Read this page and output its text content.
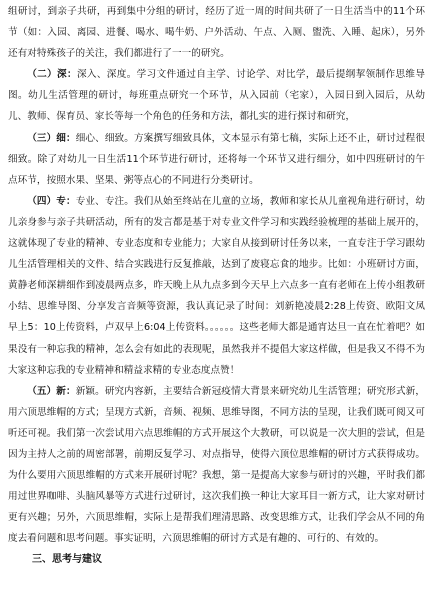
组研讨，到亲子共研，再到集中分组的研讨，经历了近一周的时间共研了一日生活当中的11个环节（如：入园、离园、进餐、喝水、喝牛奶、户外活动、午点、入厕、盥洗、入睡、起床），另外还有对特殊孩子的关注，我们都进行了一一的研究。

（二）深：深入、深度。学习文件通过自主学、讨论学、对比学，最后提纲挈领制作思维导图。幼儿生活管理的研讨，每班重点研究一个环节，从入园前（宅家），入园日到入园后，从幼儿、教师、保育员、家长等每一个角色的任务和方法，都扎实的进行探讨和研究，

（三）细：细心、细致。方案撰写细致具体，文本显示有第七稿，实际上还不止，研讨过程很细致。除了对幼儿一日生活11个环节进行研讨，还将每一个环节又进行细分，如中四班研讨的午点环节，按照水果、坚果、粥等点心的不同进行分类研讨。

（四）专：专业、专注。我们从始至终站在儿童的立场，教师和家长从儿童视角进行研讨，幼儿亲身参与亲子共研活动，所有的发言都是基于对专业文件学习和实践经验梳理的基础上展开的，这就体现了专业的精神、专业态度和专业能力；大家自从接到研讨任务以来，一直专注于学习跟幼儿生活管理相关的文件、结合实践进行反复推敲，达到了废寝忘食的地步。比如：小班研讨方面，黄静老师深耕细作到凌晨两点多，昨天晚上从九点多到今天早上六点多一直有老师在上传小组教研小结、思维导图、分享发言音频等资源，我认真记录了时间：刘新艳凌晨2:28上传资、欧阳文凤早上5：10上传资料，卢双早上6:04上传资料。。。。。。这些老师大都是通宵达旦一直在忙着吧？如果没有一种忘我的精神，怎么会有如此的表现呢，虽然我并不提倡大家这样做，但是我又不得不为大家这种忘我的专业精神和精益求精的专业态度点赞！

（五）新：新颖。研究内容新，主要结合新冠疫情大背景来研究幼儿生活管理；研究形式新，用六顶思维帽的方式；呈现方式新，音频、视频、思维导图，不同方法的呈现，让我们既可阅又可听还可视。我们第一次尝试用六点思维帽的方式开展这个大教研，可以说是一次大胆的尝试，但是因为主持人之前的周密部署，前期反复学习、对点指导，使得六顶位思维帽的研讨方式获得成功。为什么要用六顶思维帽的方式来开展研讨呢？我想，第一是提高大家参与研讨的兴趣，平时我们都用过世界咖啡、头脑风暴等方式进行过研讨，这次我们换一种让大家耳目一新方式，让大家对研讨更有兴趣；另外，六顶思维帽，实际上是帮我们理清思路、改变思维方式，让我们学会从不同的角度去看问题和思考问题。事实证明，六顶思维帽的研讨方式是有趣的、可行的、有效的。

三、思考与建议
